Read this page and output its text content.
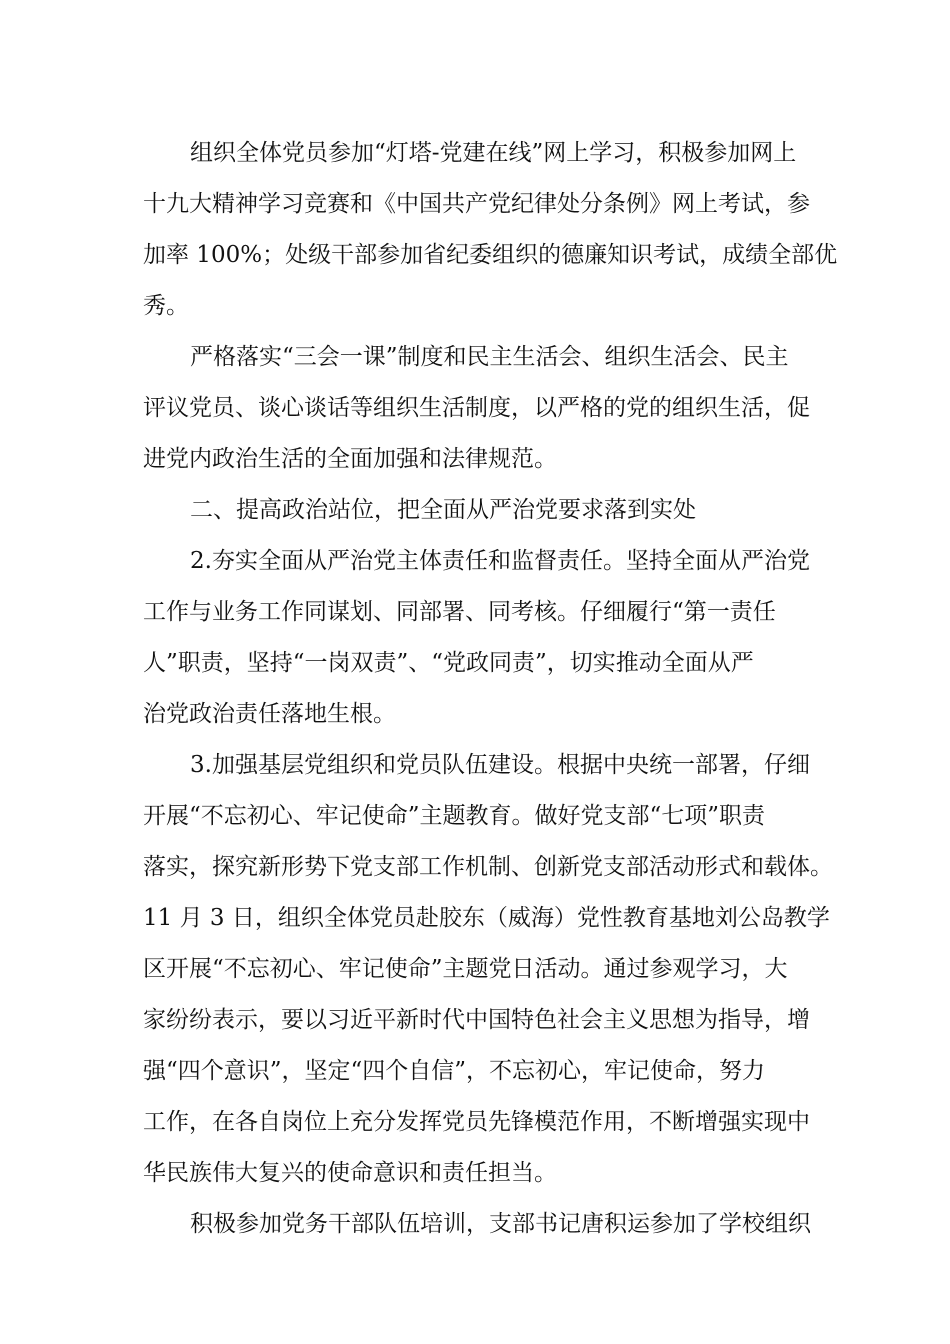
组织全体党员参加“灯塔-党建在线”网上学习，积极参加网上
十九大精神学习竞赛和《中国共产党纪律处分条例》网上考试，参
加率 100%；处级干部参加省纪委组织的德廉知识考试，成绩全部优
秀。
严格落实“三会一课”制度和民主生活会、组织生活会、民主
评议党员、谈心谈话等组织生活制度，以严格的党的组织生活，促
进党内政治生活的全面加强和法律规范。
二、提高政治站位，把全面从严治党要求落到实处
2.夯实全面从严治党主体责任和监督责任。坚持全面从严治党
工作与业务工作同谋划、同部署、同考核。仔细履行“第一责任
人”职责，坚持“一岗双责”、“党政同责”，切实推动全面从严
治党政治责任落地生根。
3.加强基层党组织和党员队伍建设。根据中央统一部署，仔细
开展“不忘初心、牢记使命”主题教育。做好党支部“七项”职责
落实，探究新形势下党支部工作机制、创新党支部活动形式和载体。
11 月 3 日，组织全体党员赴胶东（威海）党性教育基地刘公岛教学
区开展“不忘初心、牢记使命”主题党日活动。通过参观学习，大
家纷纷表示，要以习近平新时代中国特色社会主义思想为指导，增
强“四个意识”，坚定“四个自信”，不忘初心，牢记使命，努力
工作，在各自岗位上充分发挥党员先锋模范作用，不断增强实现中
华民族伟大复兴的使命意识和责任担当。
积极参加党务干部队伍培训，支部书记唐积运参加了学校组织
